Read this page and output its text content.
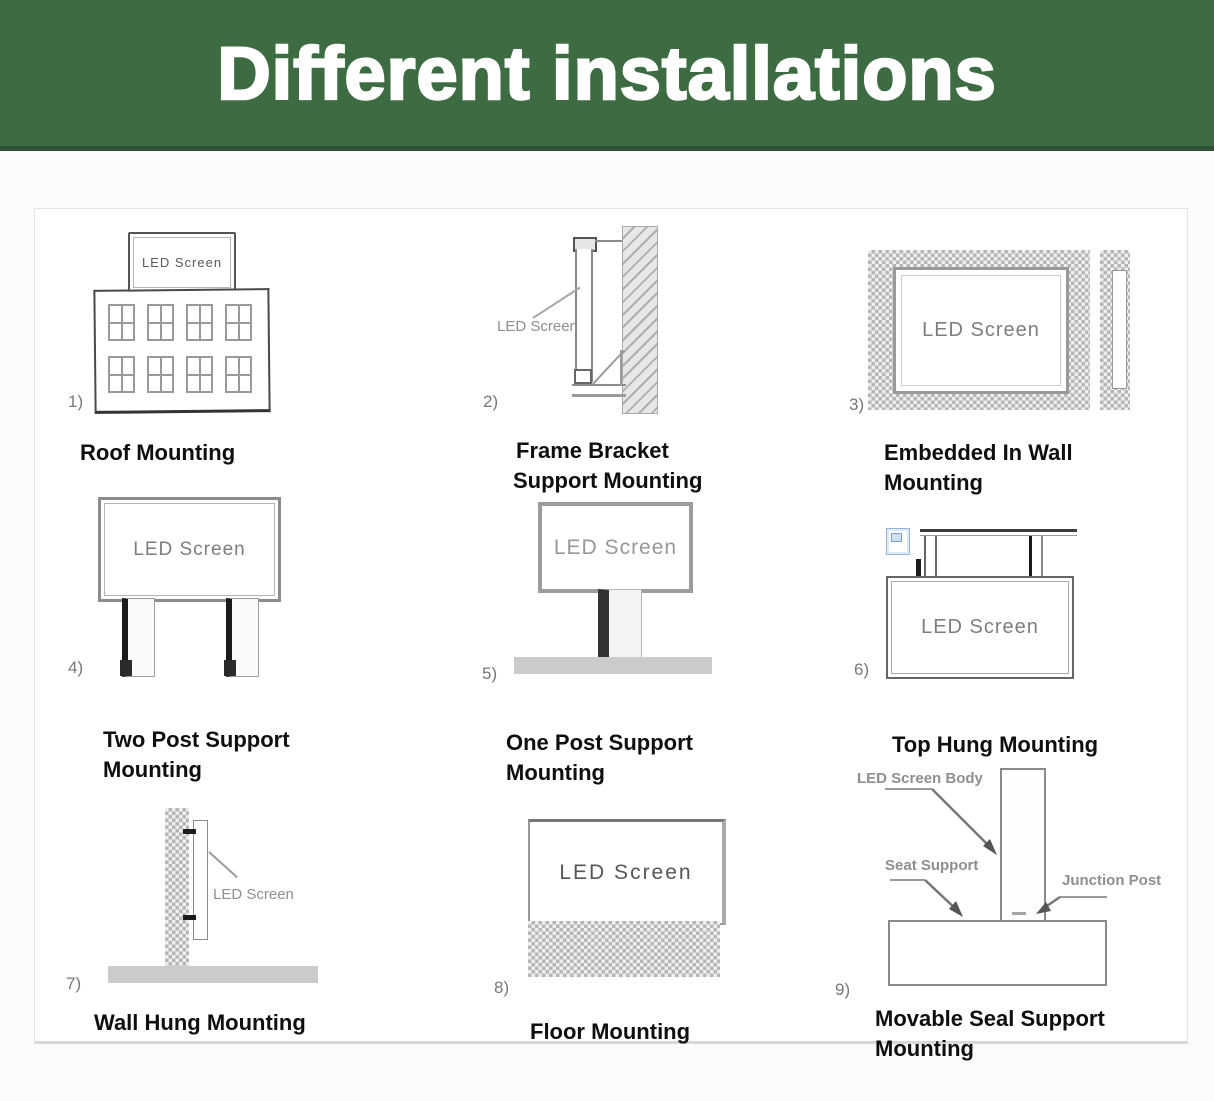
Different installations
LED Screen
1)
Roof Mounting
LED Screen
2)
Frame Bracket
Support Mounting
LED Screen
3)
Embedded In Wall
Mounting
LED Screen
4)
Two Post Support
Mounting
LED Screen
5)
One Post Support
Mounting
LED Screen
6)
Top Hung Mounting
LED Screen
7)
Wall Hung Mounting
LED Screen
8)
Floor Mounting
LED Screen Body
Seat Support
Junction Post
9)
Movable Seal Support
Mounting
